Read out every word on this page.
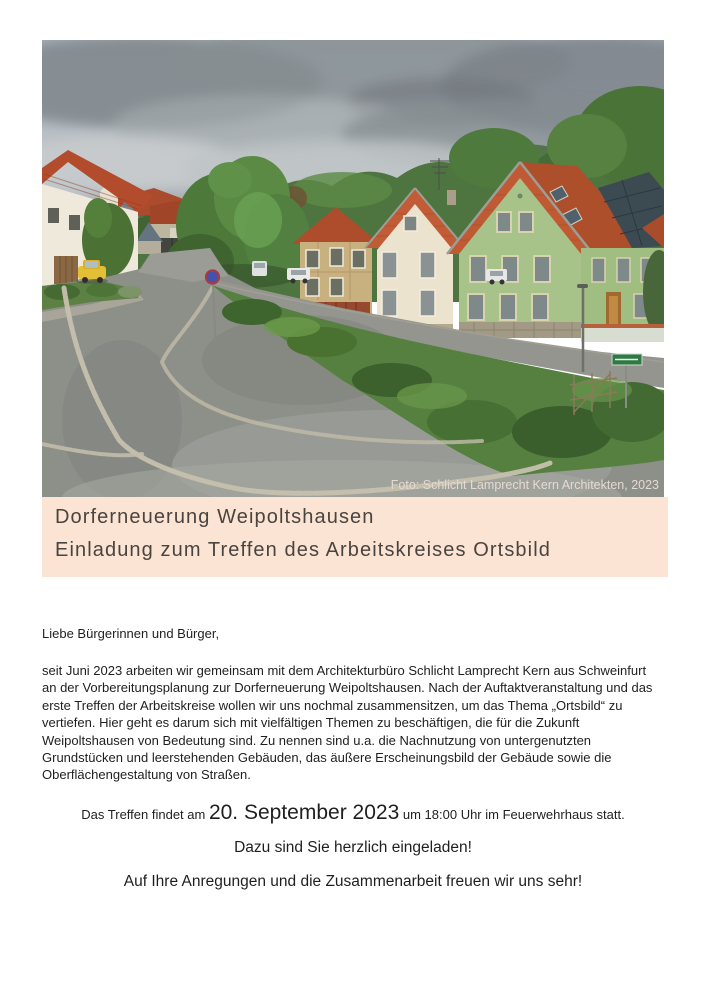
Foto: Schlicht Lamprecht Kern Architekten, 2023
Dorferneuerung Weipoltshausen
Einladung zum Treffen des Arbeitskreises Ortsbild

Liebe Bürgerinnen und Bürger,

seit Juni 2023 arbeiten wir gemeinsam mit dem Architekturbüro Schlicht Lamprecht Kern aus Schweinfurt
an der Vorbereitungsplanung zur Dorferneuerung Weipoltshausen. Nach der Auftaktveranstaltung und das
erste Treffen der Arbeitskreise wollen wir uns nochmal zusammensitzen, um das Thema „Ortsbild“ zu
vertiefen. Hier geht es darum sich mit vielfältigen Themen zu beschäftigen, die für die Zukunft
Weipoltshausen von Bedeutung sind. Zu nennen sind u.a. die Nachnutzung von untergenutzten
Grundstücken und leerstehenden Gebäuden, das äußere Erscheinungsbild der Gebäude sowie die
Oberflächengestaltung von Straßen.

Das Treffen findet am 20. September 2023 um 18:00 Uhr im Feuerwehrhaus statt.

Dazu sind Sie herzlich eingeladen!

Auf Ihre Anregungen und die Zusammenarbeit freuen wir uns sehr!
